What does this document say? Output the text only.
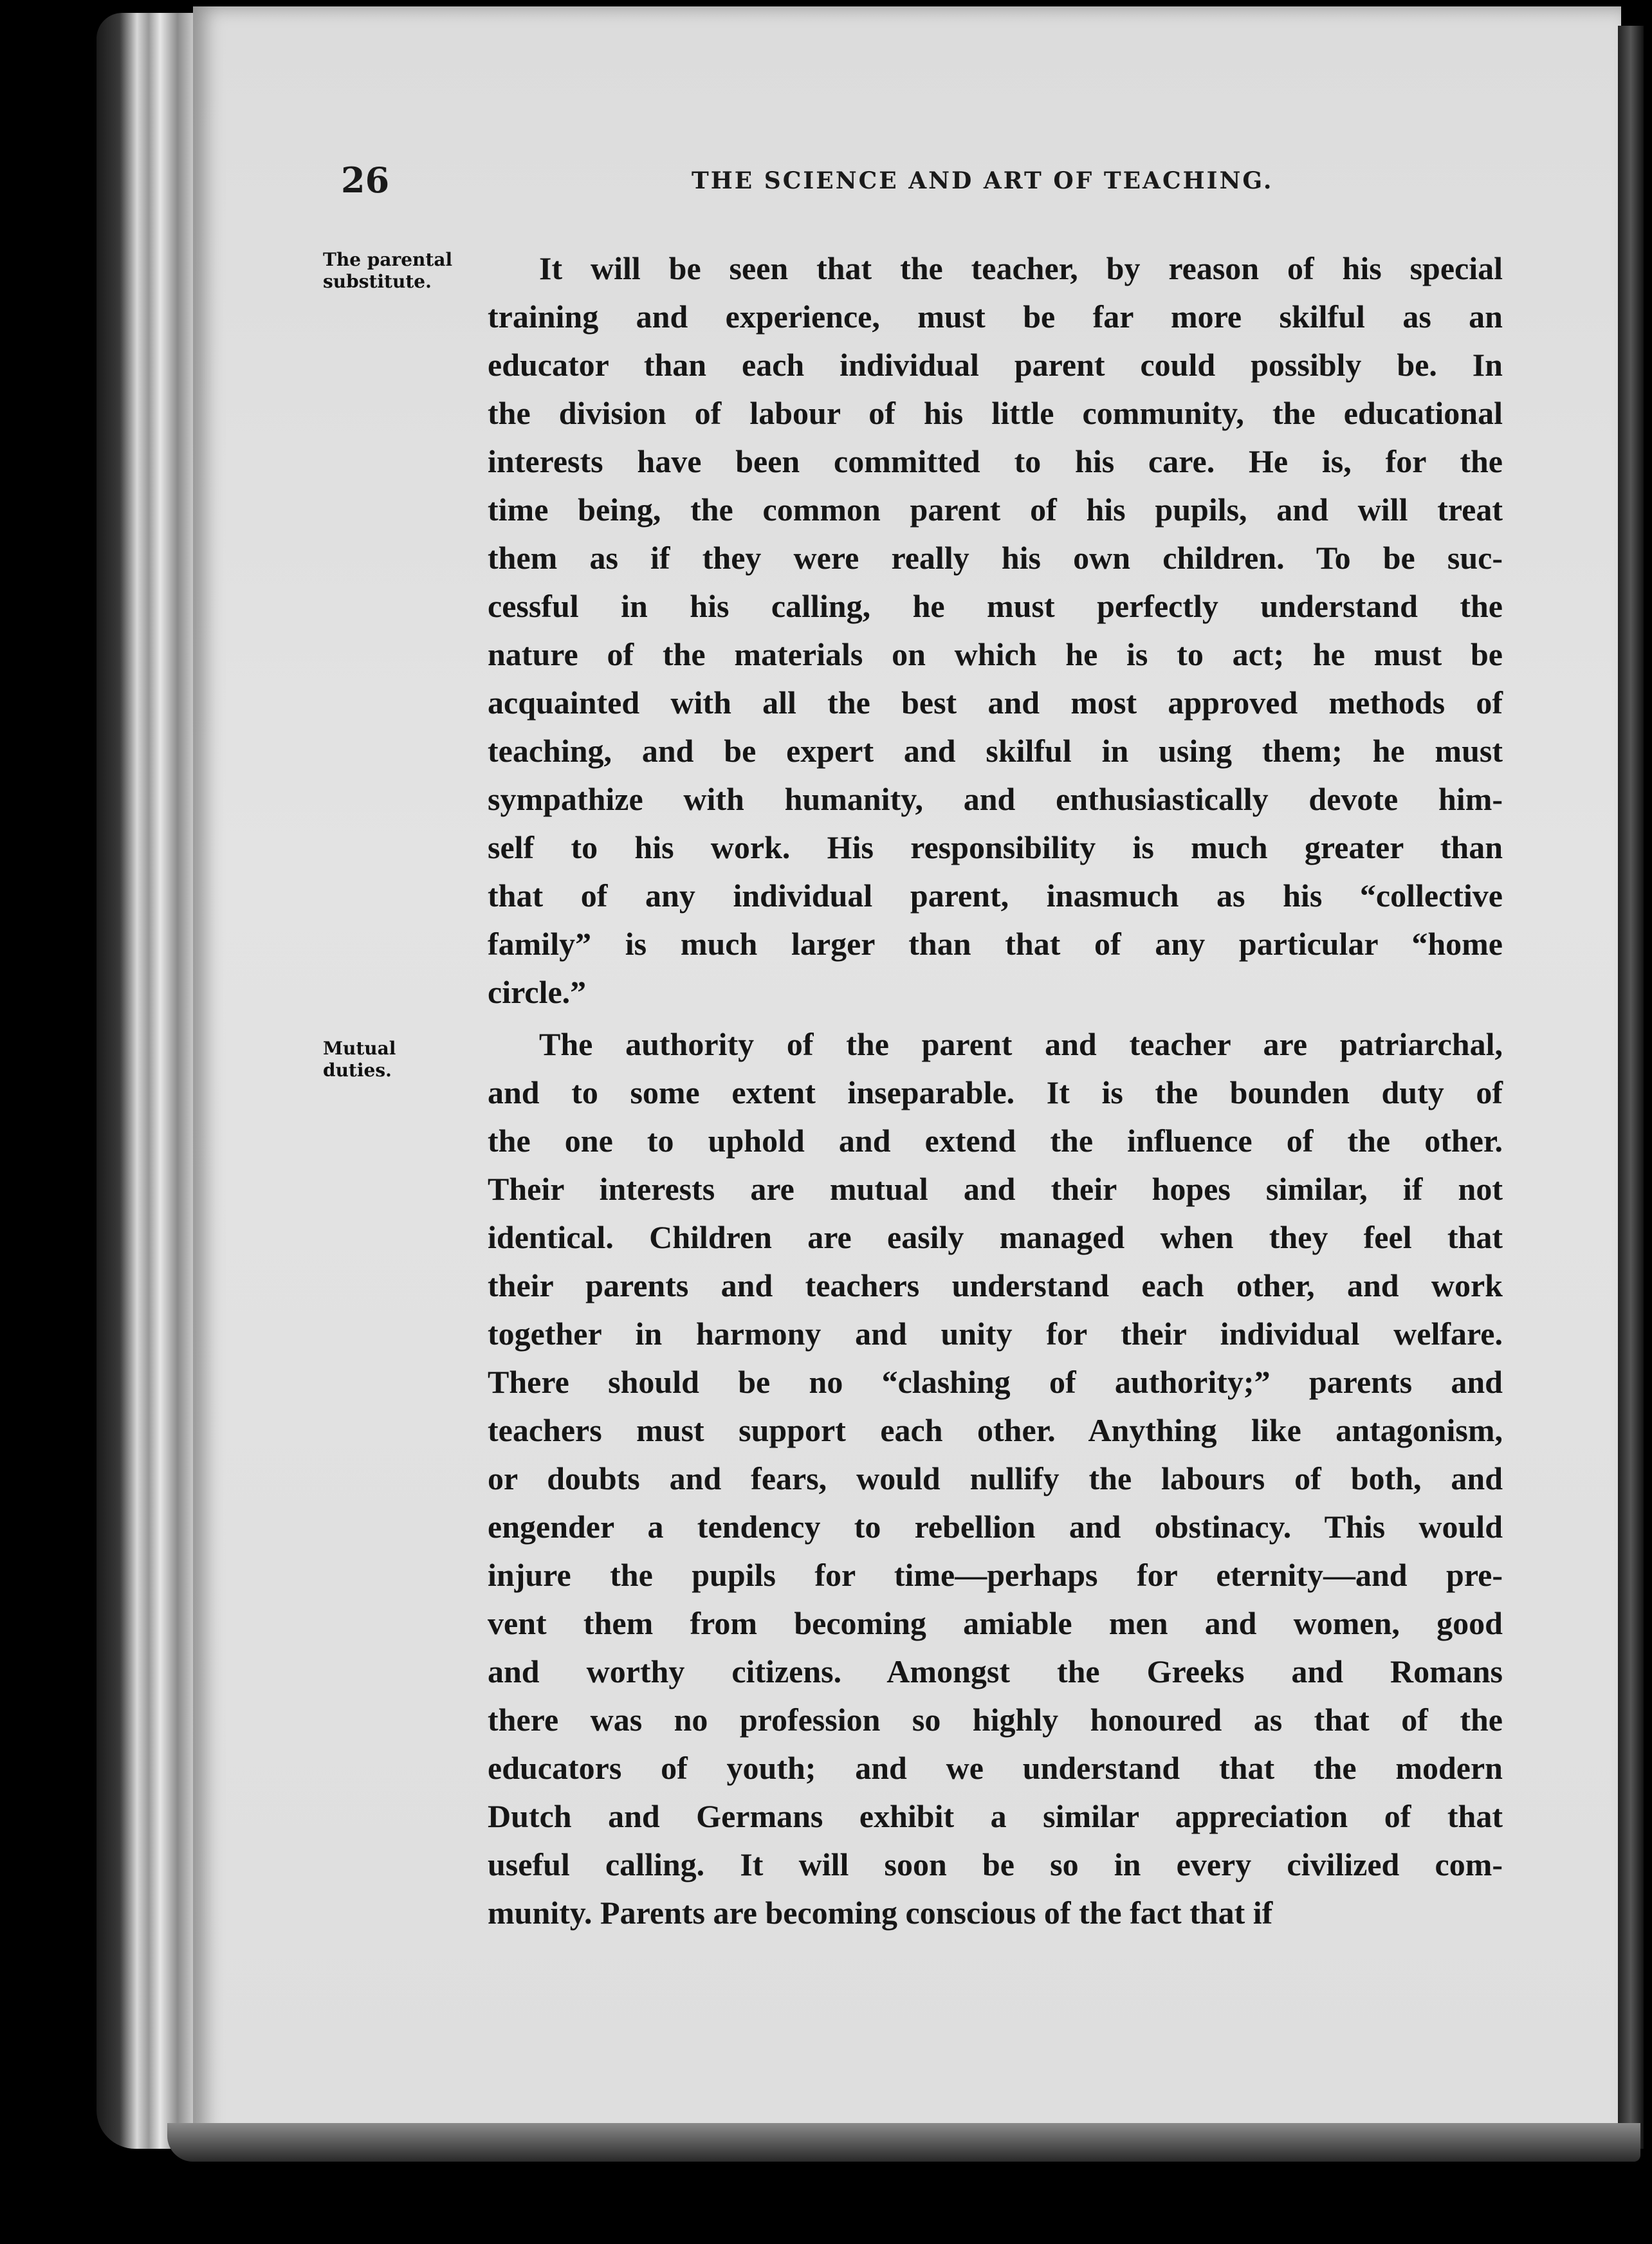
26	THE SCIENCE AND ART OF TEACHING.
The parental
substitute.
Mutual
duties.
It will be seen that the teacher, by reason of his special
training and experience, must be far more skilful as an
educator than each individual parent could possibly be. In
the division of labour of his little community, the educational
interests have been committed to his care. He is, for the
time being, the common parent of his pupils, and will treat
them as if they were really his own children. To be suc-
cessful in his calling, he must perfectly understand the
nature of the materials on which he is to act; he must be
acquainted with all the best and most approved methods of
teaching, and be expert and skilful in using them; he must
sympathize with humanity, and enthusiastically devote him-
self to his work. His responsibility is much greater than
that of any individual parent, inasmuch as his “collective
family” is much larger than that of any particular “home
circle.”
The authority of the parent and teacher are patriarchal,
and to some extent inseparable. It is the bounden duty of
the one to uphold and extend the influence of the other.
Their interests are mutual and their hopes similar, if not
identical. Children are easily managed when they feel that
their parents and teachers understand each other, and work
together in harmony and unity for their individual welfare.
There should be no “clashing of authority;” parents and
teachers must support each other. Anything like antagonism,
or doubts and fears, would nullify the labours of both, and
engender a tendency to rebellion and obstinacy. This would
injure the pupils for time—perhaps for eternity—and pre-
vent them from becoming amiable men and women, good
and worthy citizens. Amongst the Greeks and Romans
there was no profession so highly honoured as that of the
educators of youth; and we understand that the modern
Dutch and Germans exhibit a similar appreciation of that
useful calling. It will soon be so in every civilized com-
munity. Parents are becoming conscious of the fact that if
